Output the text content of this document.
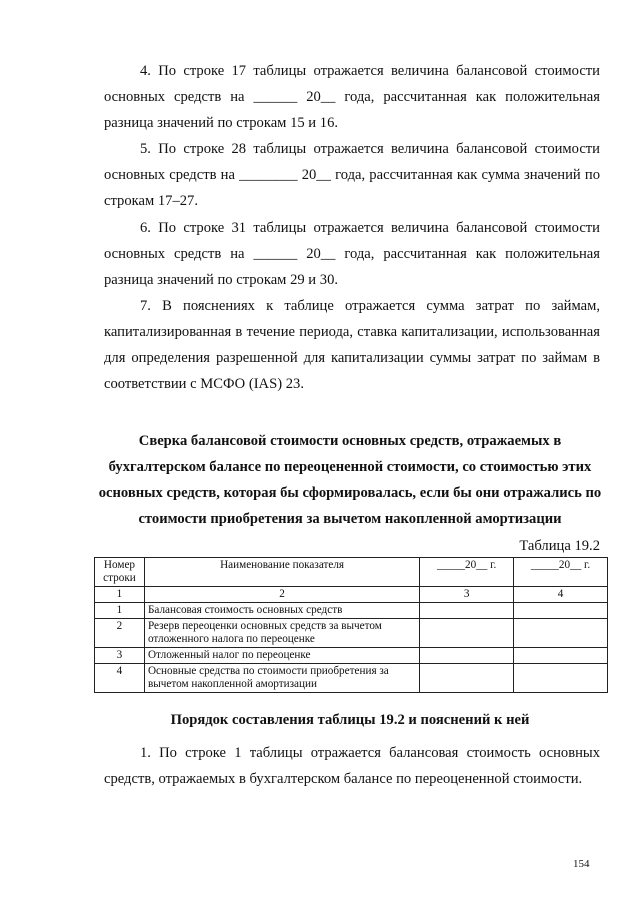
4. По строке 17 таблицы отражается величина балансовой стоимости основных средств на ______ 20__ года, рассчитанная как положительная разница значений по строкам 15 и 16.

5. По строке 28 таблицы отражается величина балансовой стоимости основных средств на ________ 20__ года, рассчитанная как сумма значений по строкам 17–27.

6. По строке 31 таблицы отражается величина балансовой стоимости основных средств на ______ 20__ года, рассчитанная как положительная разница значений по строкам 29 и 30.

7. В пояснениях к таблице отражается сумма затрат по займам, капитализированная в течение периода, ставка капитализации, использованная для определения разрешенной для капитализации суммы затрат по займам в соответствии с МСФО (IAS) 23.

Сверка балансовой стоимости основных средств, отражаемых в бухгалтерском балансе по переоцененной стоимости, со стоимостью этих основных средств, которая бы сформировалась, если бы они отражались по стоимости приобретения за вычетом накопленной амортизации

Таблица 19.2
Номер строки	Наименование показателя	_____20__ г.	_____20__ г.
1	2	3	4
1	Балансовая стоимость основных средств		
2	Резерв переоценки основных средств за вычетом отложенного налога по переоценке		
3	Отложенный налог по переоценке		
4	Основные средства по стоимости приобретения за вычетом накопленной амортизации		

Порядок составления таблицы 19.2 и пояснений к ней

1. По строке 1 таблицы отражается балансовая стоимость основных средств, отражаемых в бухгалтерском балансе по переоцененной стоимости.

154
